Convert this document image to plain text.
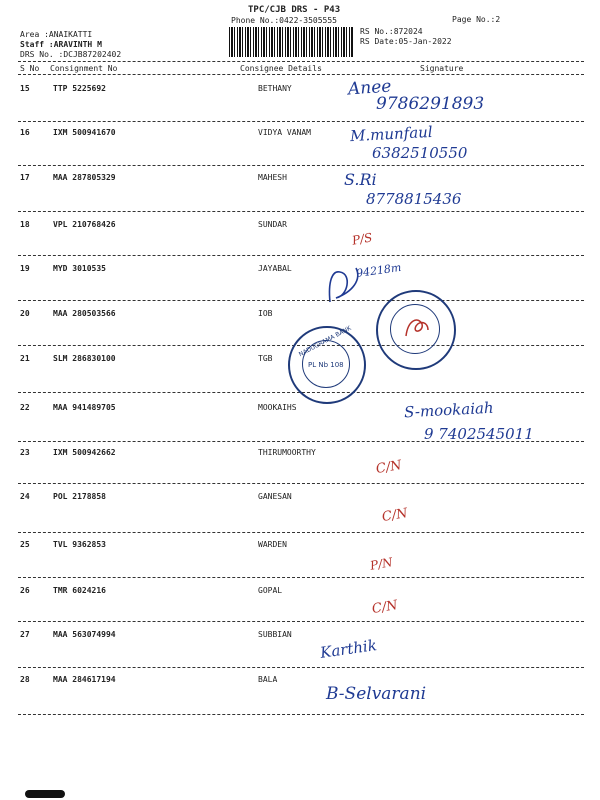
TPC/CJB DRS - P43
Phone No.:0422-3505555
RS No.:872024
RS Date:05-Jan-2022
Page No.:2
Area :ANAIKATTI
Staff :ARAVINTH M
DRS No. :DCJB87202402
S No Consignment No	Consignee Details	Signature
15	TTP 5225692	BETHANY	Anee
9786291893
16	IXM 500941670	VIDYA VANAM	M.munfaul
6382510550
17	MAA 287805329	MAHESH	S.Ri
8778815436
18	VPL 210768426	SUNDAR
P/S
19	MYD 3010535	JAYABAL	94218m
20	MAA 280503566	IOB
21	SLM 286830100	TGB
NADUGRAMA BANK
PL Nb 108
22	MAA 941489705	MOOKAIHS	S-mookaiah
9 7402545011
23	IXM 500942662	THIRUMOORTHY
C/N
24	POL 2178858	GANESAN
C/N
25	TVL 9362853	WARDEN
P/N
26	TMR 6024216	GOPAL
C/N
27	MAA 563074994	SUBBIAN
Karthik
28	MAA 284617194	BALA
B-Selvarani
